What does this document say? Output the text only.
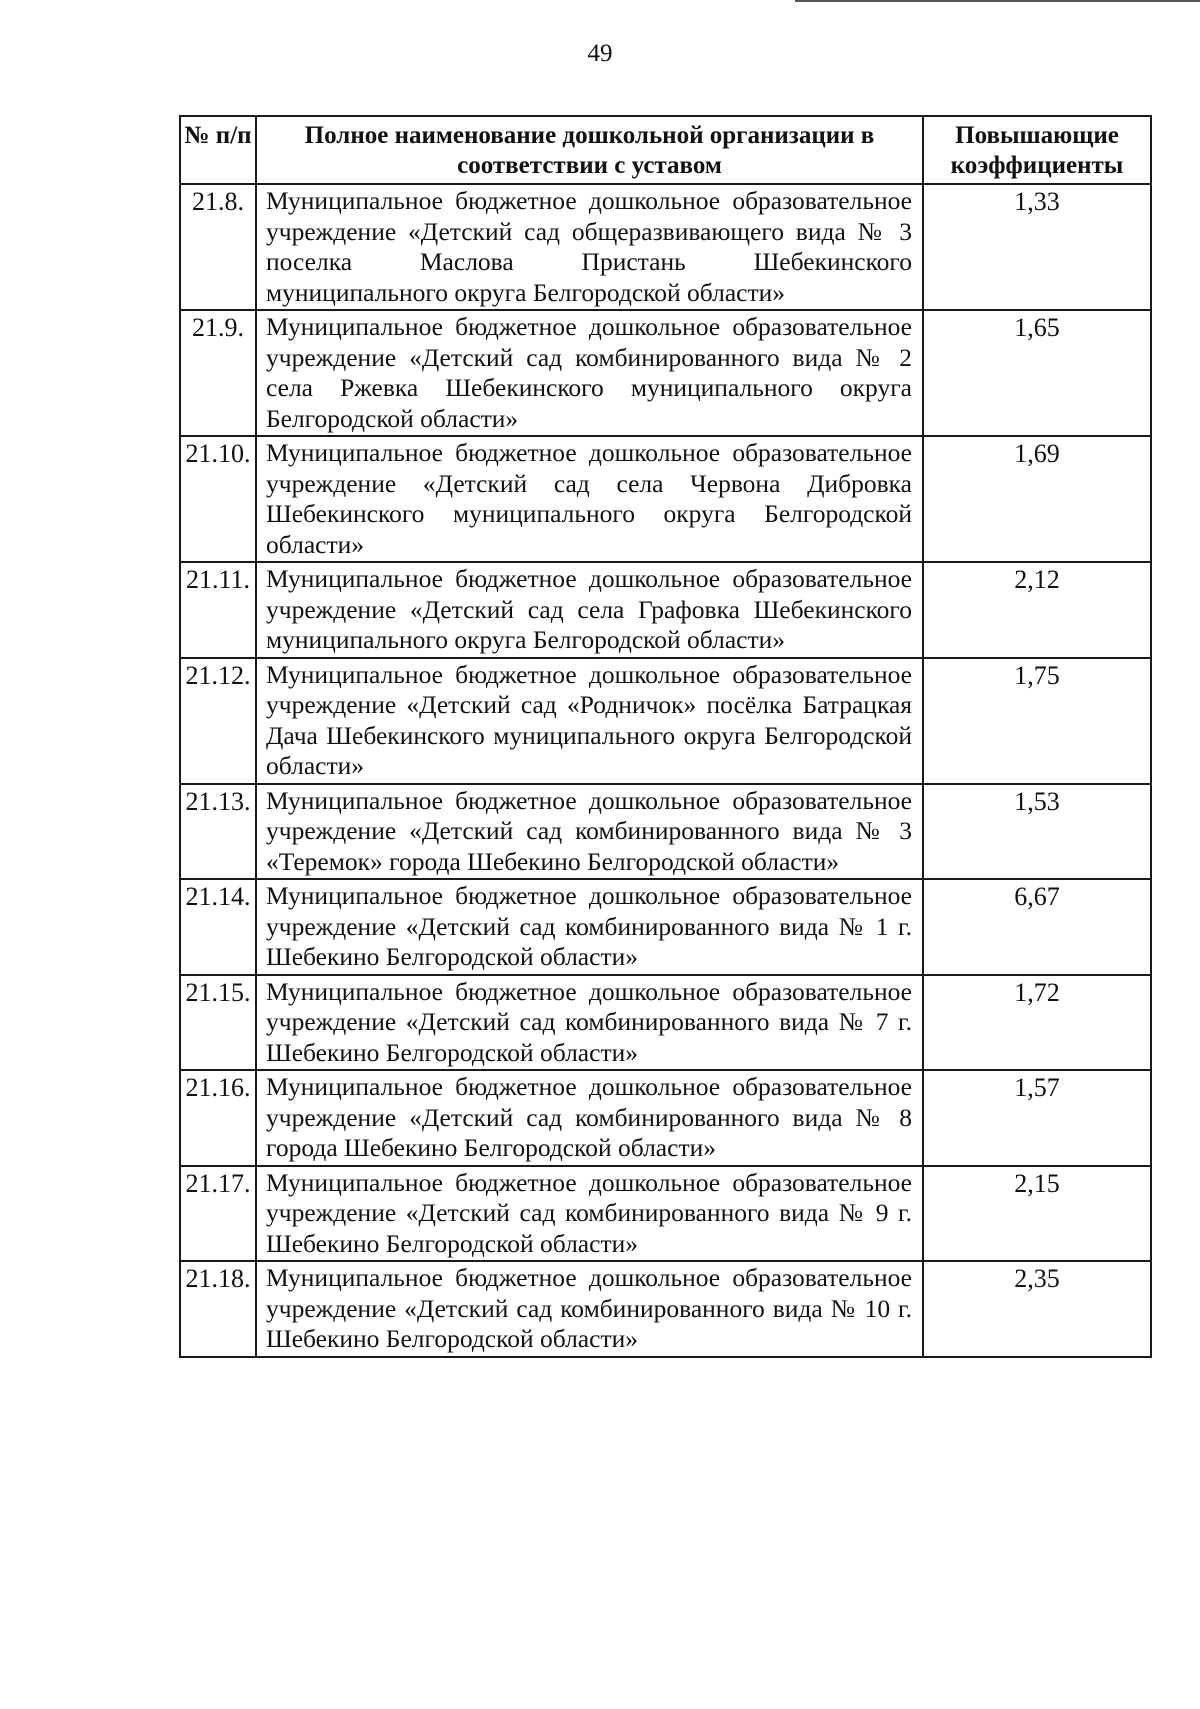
49
№ п/п	Полное наименование дошкольной организации в соответствии с уставом	Повышающие коэффициенты
21.8.	Муниципальное бюджетное дошкольное образовательное учреждение «Детский сад общеразвивающего вида № 3 поселка Маслова Пристань Шебекинского муниципального округа Белгородской области»	1,33
21.9.	Муниципальное бюджетное дошкольное образовательное учреждение «Детский сад комбинированного вида № 2 села Ржевка Шебекинского муниципального округа Белгородской области»	1,65
21.10.	Муниципальное бюджетное дошкольное образовательное учреждение «Детский сад села Червона Дибровка Шебекинского муниципального округа Белгородской области»	1,69
21.11.	Муниципальное бюджетное дошкольное образовательное учреждение «Детский сад села Графовка Шебекинского муниципального округа Белгородской области»	2,12
21.12.	Муниципальное бюджетное дошкольное образовательное учреждение «Детский сад «Родничок» посёлка Батрацкая Дача Шебекинского муниципального округа Белгородской области»	1,75
21.13.	Муниципальное бюджетное дошкольное образовательное учреждение «Детский сад комбинированного вида № 3 «Теремок» города Шебекино Белгородской области»	1,53
21.14.	Муниципальное бюджетное дошкольное образовательное учреждение «Детский сад комбинированного вида № 1 г. Шебекино Белгородской области»	6,67
21.15.	Муниципальное бюджетное дошкольное образовательное учреждение «Детский сад комбинированного вида № 7 г. Шебекино Белгородской области»	1,72
21.16.	Муниципальное бюджетное дошкольное образовательное учреждение «Детский сад комбинированного вида № 8 города Шебекино Белгородской области»	1,57
21.17.	Муниципальное бюджетное дошкольное образовательное учреждение «Детский сад комбинированного вида № 9 г. Шебекино Белгородской области»	2,15
21.18.	Муниципальное бюджетное дошкольное образовательное учреждение «Детский сад комбинированного вида № 10 г. Шебекино Белгородской области»	2,35
